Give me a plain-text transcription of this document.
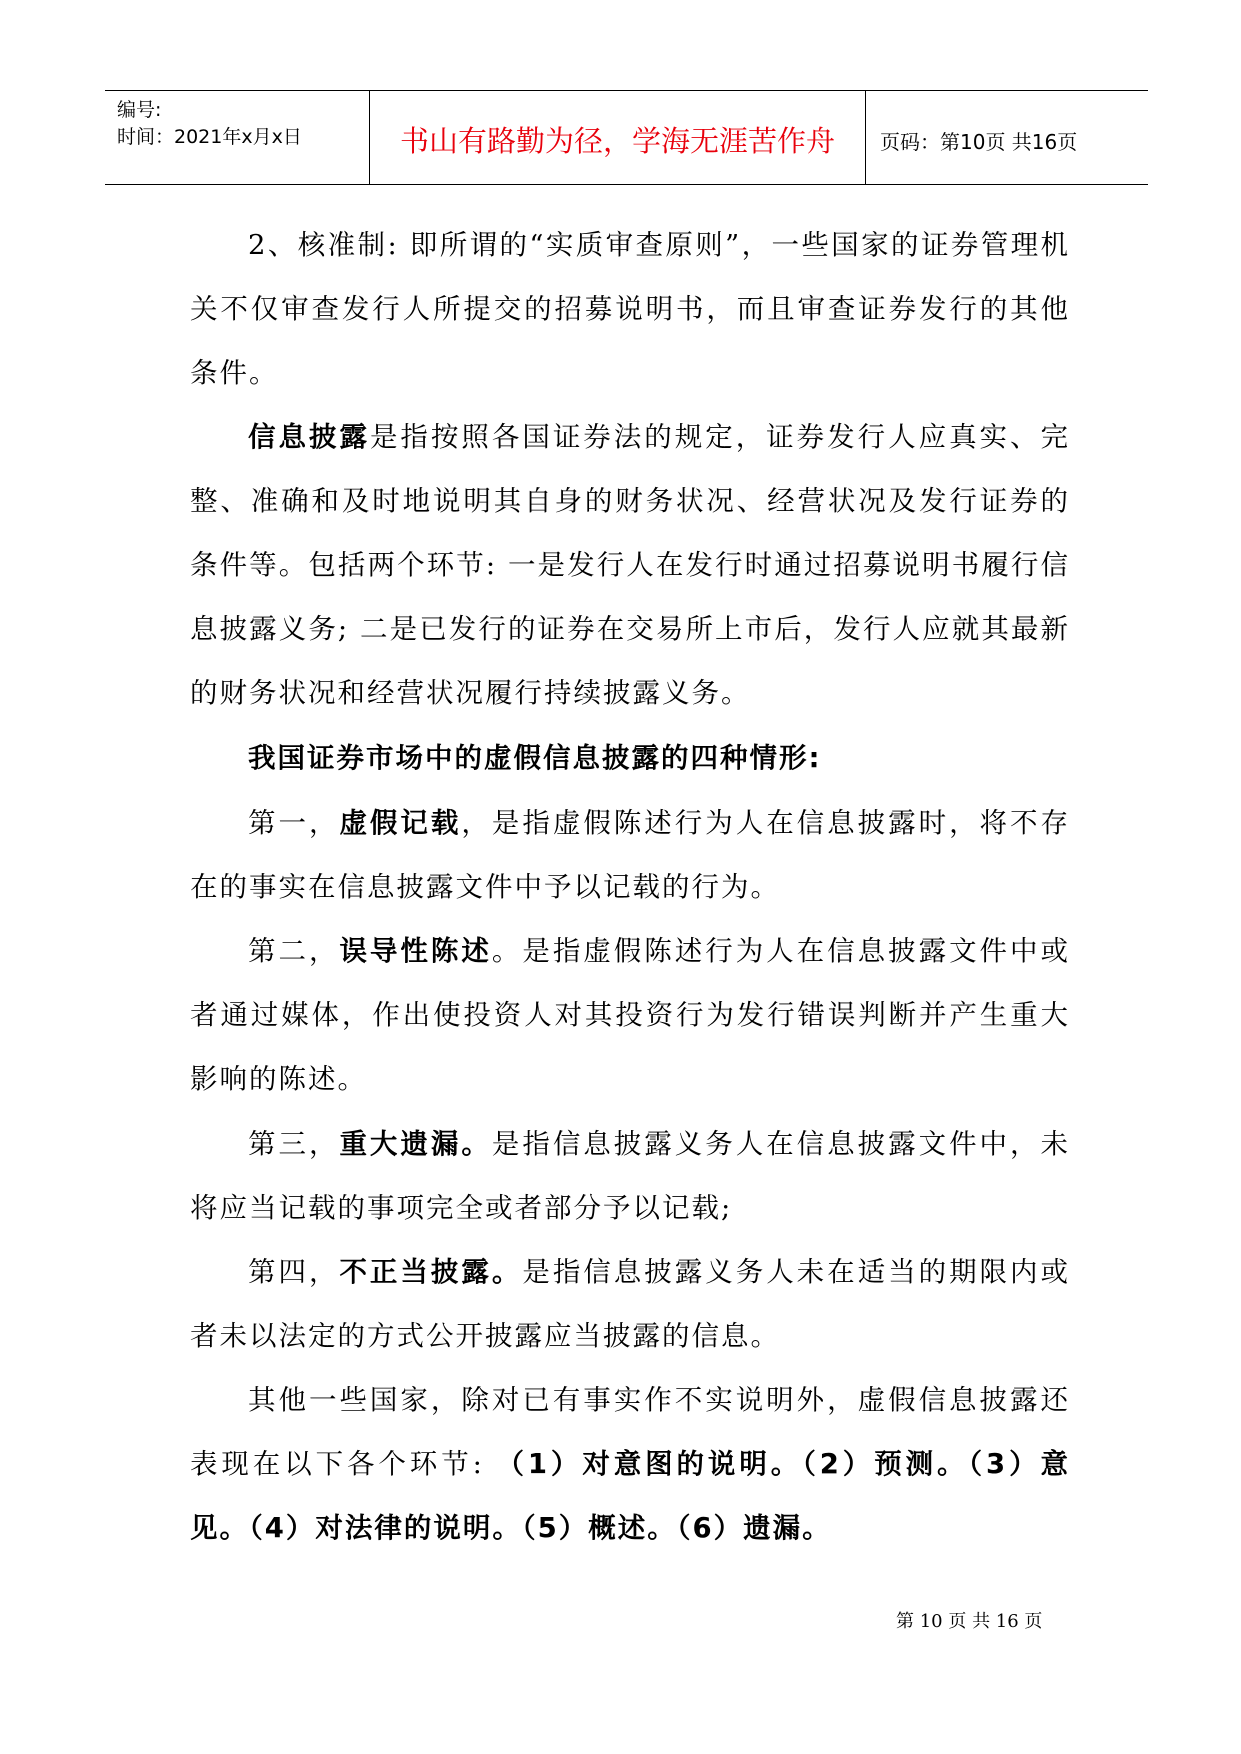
编号:
时间：2021年x月x日	书山有路勤为径，学海无涯苦作舟	页码：第10页 共16页
2、核准制: 即所谓的“实质审查原则”，一些国家的证券管理机关不仅审查发行人所提交的招募说明书，而且审查证券发行的其他条件。
信息披露是指按照各国证券法的规定，证券发行人应真实、完整、准确和及时地说明其自身的财务状况、经营状况及发行证券的条件等。包括两个环节: 一是发行人在发行时通过招募说明书履行信息披露义务; 二是已发行的证券在交易所上市后，发行人应就其最新的财务状况和经营状况履行持续披露义务。
我国证券市场中的虚假信息披露的四种情形:
第一，虚假记载，是指虚假陈述行为人在信息披露时，将不存在的事实在信息披露文件中予以记载的行为。
第二，误导性陈述。是指虚假陈述行为人在信息披露文件中或者通过媒体，作出使投资人对其投资行为发行错误判断并产生重大影响的陈述。
第三，重大遗漏。是指信息披露义务人在信息披露文件中，未将应当记载的事项完全或者部分予以记载;
第四，不正当披露。是指信息披露义务人未在适当的期限内或者未以法定的方式公开披露应当披露的信息。
其他一些国家，除对已有事实作不实说明外，虚假信息披露还表现在以下各个环节: （1）对意图的说明。（2）预测。（3）意见。（4）对法律的说明。（5）概述。（6）遗漏。
第 10 页 共 16 页
